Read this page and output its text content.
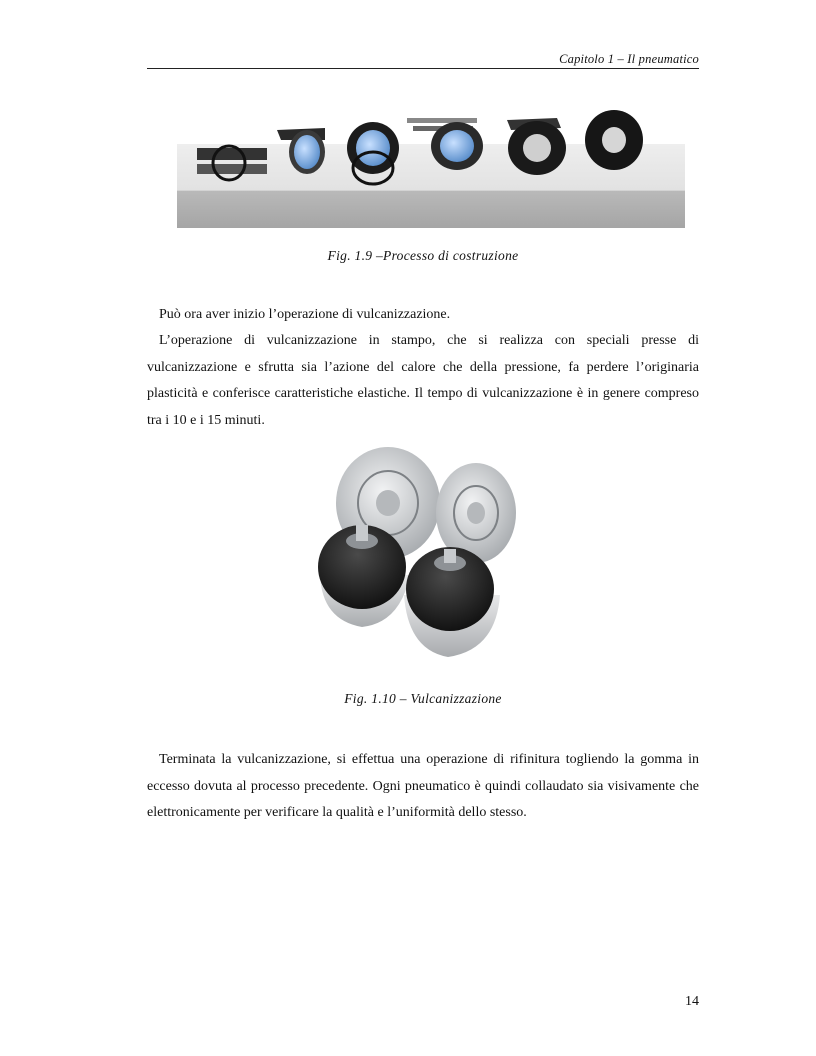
Capitolo 1 – Il pneumatico
Fig. 1.9 –Processo di costruzione

Può ora aver inizio l’operazione di vulcanizzazione.

L’operazione di vulcanizzazione in stampo, che si realizza con speciali presse di vulcanizzazione e sfrutta sia l’azione del calore che della pressione, fa perdere l’originaria plasticità e conferisce caratteristiche elastiche. Il tempo di vulcanizzazione è in genere compreso tra i 10 e i 15 minuti.

Fig. 1.10 – Vulcanizzazione

Terminata la vulcanizzazione, si effettua una operazione di rifinitura togliendo la gomma in eccesso dovuta al processo precedente. Ogni pneumatico è quindi collaudato sia visivamente che elettronicamente per verificare la qualità e l’uniformità dello stesso.

14
